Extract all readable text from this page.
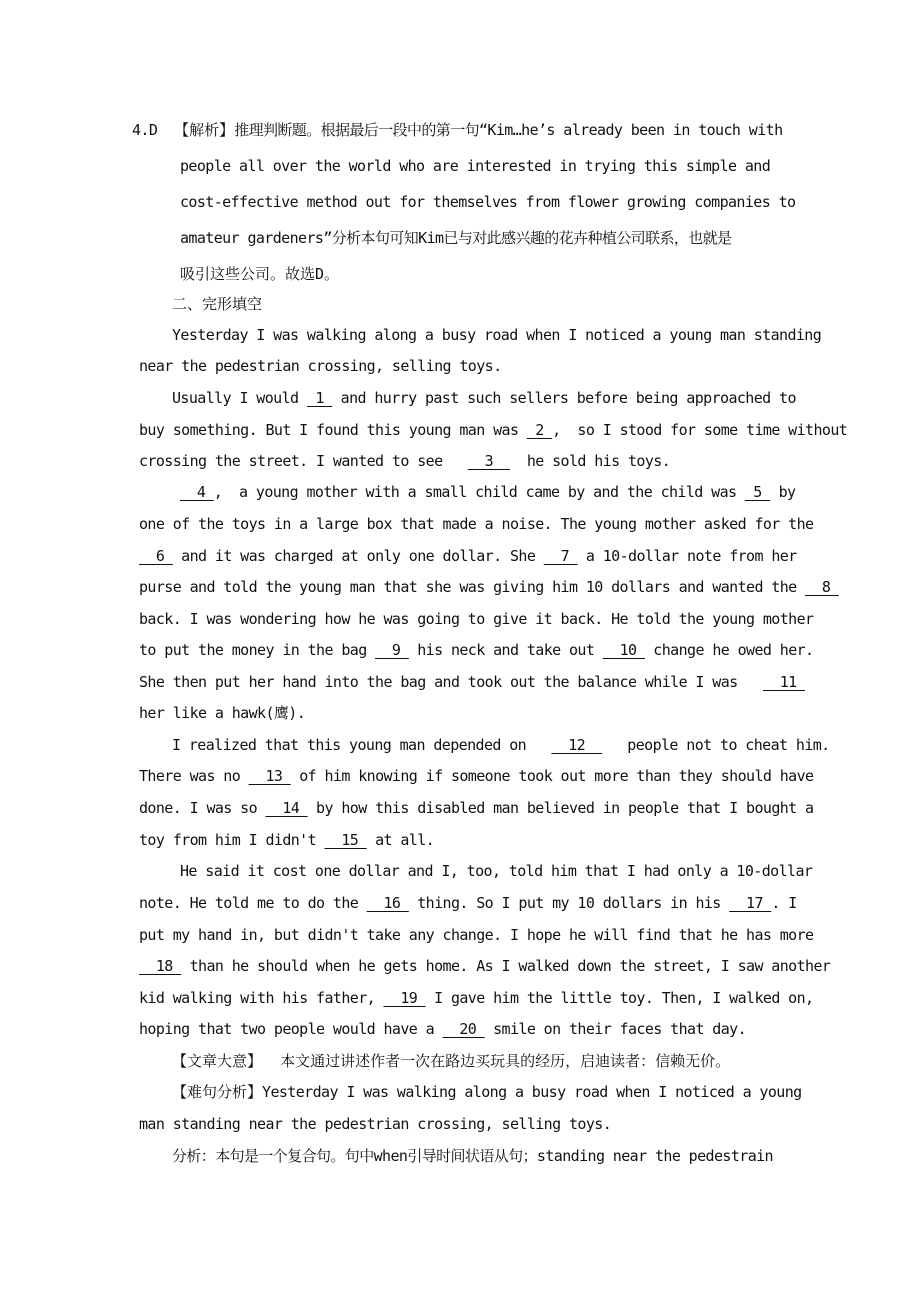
4.D 【解析】推理判断题。根据最后一段中的第一句“Kim…he’s already been in touch with
people all over the world who are interested in trying this simple and
cost-effective method out for themselves from flower growing companies to
amateur gardeners”分析本句可知Kim已与对此感兴趣的花卉种植公司联系，也就是
吸引这些公司。故选D。
二、完形填空
Yesterday I was walking along a busy road when I noticed a young man standing
near the pedestrian crossing, selling toys.
Usually I would  1  and hurry past such sellers before being approached to
buy something. But I found this young man was  2 ,  so I stood for some time without
crossing the street. I wanted to see     3    he sold his toys.
4 ,  a young mother with a small child came by and the child was  5  by
one of the toys in a large box that made a noise. The young mother asked for the
6  and it was charged at only one dollar. She   7  a 10-dollar note from her
purse and told the young man that she was giving him 10 dollars and wanted the   8
back. I was wondering how he was going to give it back. He told the young mother
to put the money in the bag   9  his neck and take out   10  change he owed her.
She then put her hand into the bag and took out the balance while I was     11
her like a hawk(鹰).
I realized that this young man depended on     12     people not to cheat him.
There was no   13  of him knowing if someone took out more than they should have
done. I was so   14  by how this disabled man believed in people that I bought a
toy from him I didn't   15  at all.
He said it cost one dollar and I, too, told him that I had only a 10-dollar
note. He told me to do the   16  thing. So I put my 10 dollars in his   17 . I
put my hand in, but didn't take any change. I hope he will find that he has more
18  than he should when he gets home. As I walked down the street, I saw another
kid walking with his father,   19  I gave him the little toy. Then, I walked on,
hoping that two people would have a   20  smile on their faces that day.
【文章大意】  本文通过讲述作者一次在路边买玩具的经历，启迪读者：信赖无价。
【难句分析】Yesterday I was walking along a busy road when I noticed a young
man standing near the pedestrian crossing, selling toys.
分析：本句是一个复合句。句中when引导时间状语从句；standing near the pedestrain
